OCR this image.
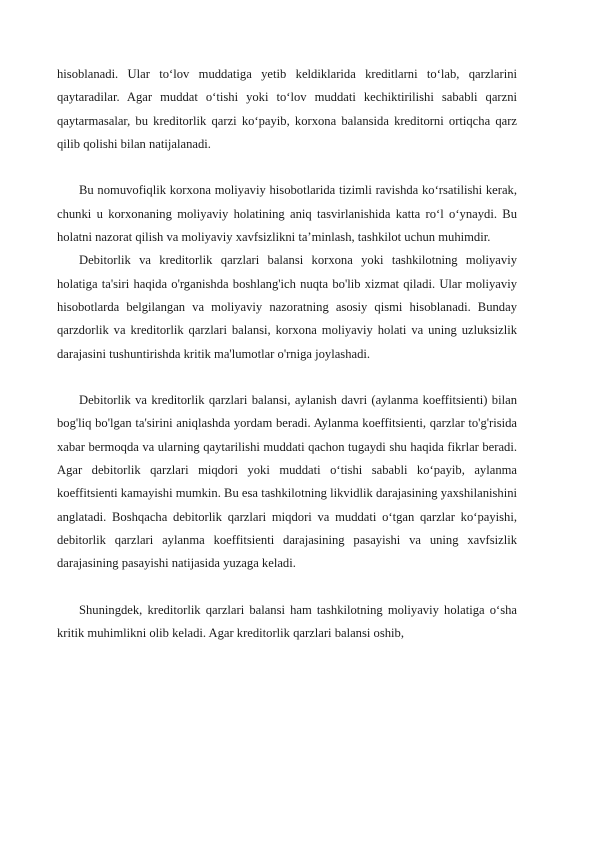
hisoblanadi. Ular to‘lov muddatiga yetib keldiklarida kreditlarni to‘lab, qarzlarini qaytaradilar. Agar muddat o‘tishi yoki to‘lov muddati kechiktirilishi sababli qarzni qaytarmasalar, bu kreditorlik qarzi ko‘payib, korxona balansida kreditorni ortiqcha qarz qilib qolishi bilan natijalanadi.

Bu nomuvofiqlik korxona moliyaviy hisobotlarida tizimli ravishda ko‘rsatilishi kerak, chunki u korxonaning moliyaviy holatining aniq tasvirlanishida katta ro‘l o‘ynaydi. Bu holatni nazorat qilish va moliyaviy xavfsizlikni ta’minlash, tashkilot uchun muhimdir.

Debitorlik va kreditorlik qarzlari balansi korxona yoki tashkilotning moliyaviy holatiga ta'siri haqida o'rganishda boshlang'ich nuqta bo'lib xizmat qiladi. Ular moliyaviy hisobotlarda belgilangan va moliyaviy nazoratning asosiy qismi hisoblanadi. Bunday qarzdorlik va kreditorlik qarzlari balansi, korxona moliyaviy holati va uning uzluksizlik darajasini tushuntirishda kritik ma'lumotlar o'rniga joylashadi.

Debitorlik va kreditorlik qarzlari balansi, aylanish davri (aylanma koeffitsienti) bilan bog'liq bo'lgan ta'sirini aniqlashda yordam beradi. Aylanma koeffitsienti, qarzlar to'g'risida xabar bermoqda va ularning qaytarilishi muddati qachon tugaydi shu haqida fikrlar beradi. Agar debitorlik qarzlari miqdori yoki muddati o‘tishi sababli ko‘payib, aylanma koeffitsienti kamayishi mumkin. Bu esa tashkilotning likvidlik darajasining yaxshilanishini anglatadi. Boshqacha debitorlik qarzlari miqdori va muddati o‘tgan qarzlar ko‘payishi, debitorlik qarzlari aylanma koeffitsienti darajasining pasayishi va uning xavfsizlik darajasining pasayishi natijasida yuzaga keladi.

Shuningdek, kreditorlik qarzlari balansi ham tashkilotning moliyaviy holatiga o‘sha kritik muhimlikni olib keladi. Agar kreditorlik qarzlari balansi oshib,
